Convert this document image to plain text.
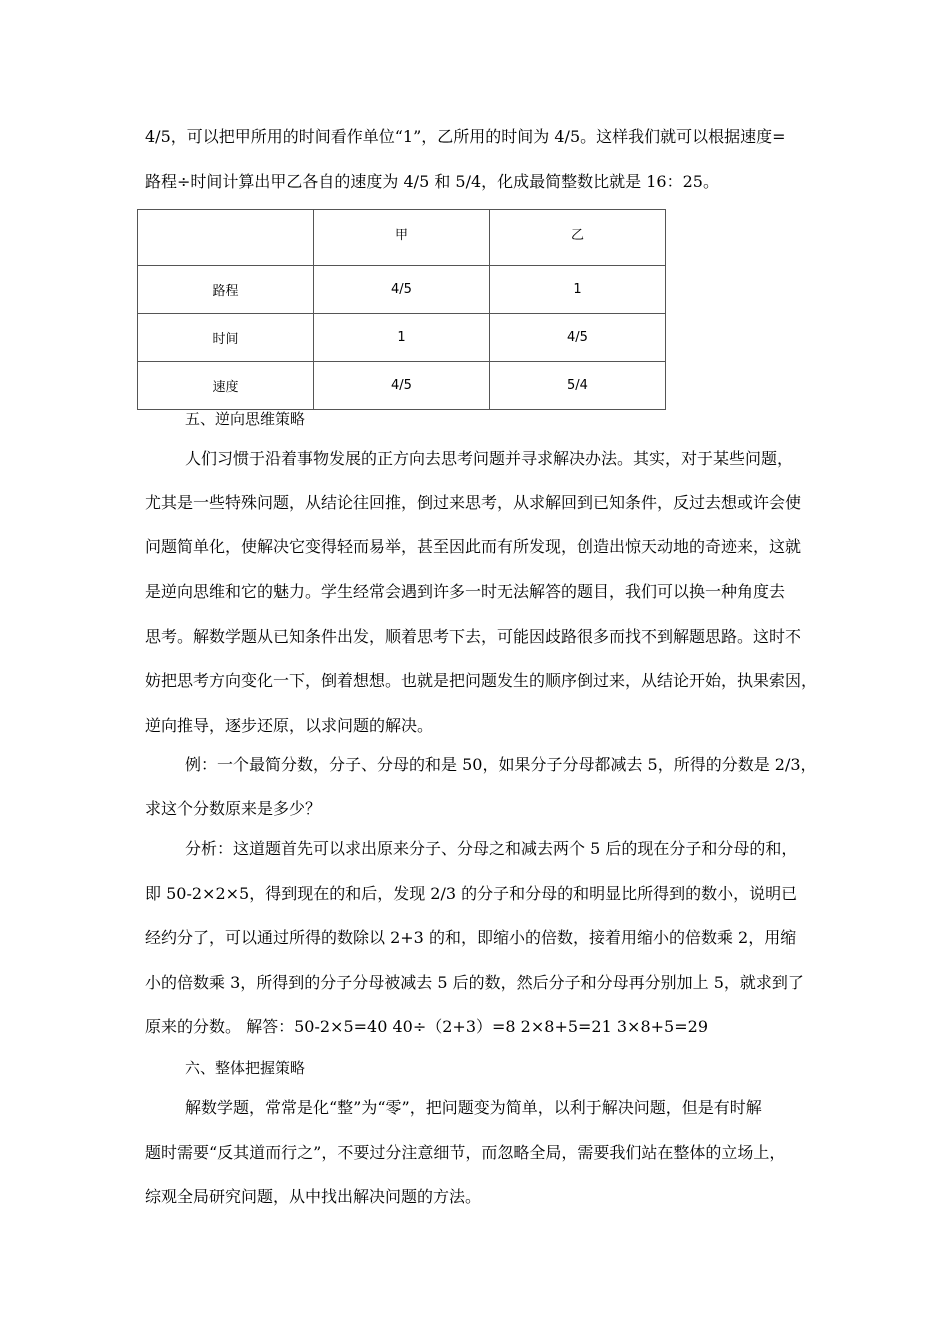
4/5，可以把甲所用的时间看作单位“1”，乙所用的时间为 4/5。这样我们就可以根据速度=
路程÷时间计算出甲乙各自的速度为 4/5 和 5/4，化成最简整数比就是 16：25。
	甲	乙
路程	4/5	1
时间	1	4/5
速度	4/5	5/4
五、逆向思维策略
人们习惯于沿着事物发展的正方向去思考问题并寻求解决办法。其实，对于某些问题，
尤其是一些特殊问题，从结论往回推，倒过来思考，从求解回到已知条件，反过去想或许会使
问题简单化，使解决它变得轻而易举，甚至因此而有所发现，创造出惊天动地的奇迹来，这就
是逆向思维和它的魅力。学生经常会遇到许多一时无法解答的题目，我们可以换一种角度去
思考。解数学题从已知条件出发，顺着思考下去，可能因歧路很多而找不到解题思路。这时不
妨把思考方向变化一下，倒着想想。也就是把问题发生的顺序倒过来，从结论开始，执果索因，
逆向推导，逐步还原，以求问题的解决。
例：一个最简分数，分子、分母的和是 50，如果分子分母都减去 5，所得的分数是 2/3，
求这个分数原来是多少？
分析：这道题首先可以求出原来分子、分母之和减去两个 5 后的现在分子和分母的和，
即 50-2×2×5，得到现在的和后，发现 2/3 的分子和分母的和明显比所得到的数小，说明已
经约分了，可以通过所得的数除以 2+3 的和，即缩小的倍数，接着用缩小的倍数乘 2，用缩
小的倍数乘 3，所得到的分子分母被减去 5 后的数，然后分子和分母再分别加上 5，就求到了
原来的分数。 解答：50-2×5=40 40÷（2+3）=8 2×8+5=21 3×8+5=29
六、整体把握策略
解数学题，常常是化“整”为“零”，把问题变为简单，以利于解决问题，但是有时解
题时需要“反其道而行之”，不要过分注意细节，而忽略全局，需要我们站在整体的立场上，
综观全局研究问题，从中找出解决问题的方法。
